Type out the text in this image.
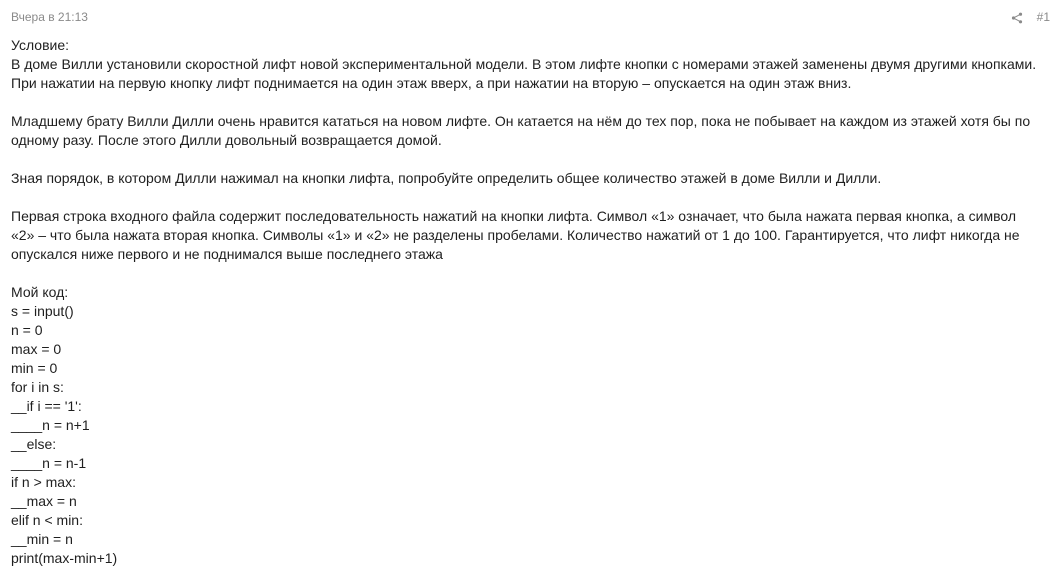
Вчера в 21:13	#1
Условие:
В доме Вилли установили скоростной лифт новой экспериментальной модели. В этом лифте кнопки с номерами этажей заменены двумя другими кнопками.
При нажатии на первую кнопку лифт поднимается на один этаж вверх, а при нажатии на вторую – опускается на один этаж вниз.
Младшему брату Вилли Дилли очень нравится кататься на новом лифте. Он катается на нём до тех пор, пока не побывает на каждом из этажей хотя бы по
одному разу. После этого Дилли довольный возвращается домой.
Зная порядок, в котором Дилли нажимал на кнопки лифта, попробуйте определить общее количество этажей в доме Вилли и Дилли.
Первая строка входного файла содержит последовательность нажатий на кнопки лифта. Символ «1» означает, что была нажата первая кнопка, а символ
«2» – что была нажата вторая кнопка. Символы «1» и «2» не разделены пробелами. Количество нажатий от 1 до 100. Гарантируется, что лифт никогда не
опускался ниже первого и не поднимался выше последнего этажа
Мой код:
s = input()
n = 0
max = 0
min = 0
for i in s:
__if i == '1':
____n = n+1
__else:
____n = n-1
if n > max:
__max = n
elif n < min:
__min = n
print(max-min+1)
